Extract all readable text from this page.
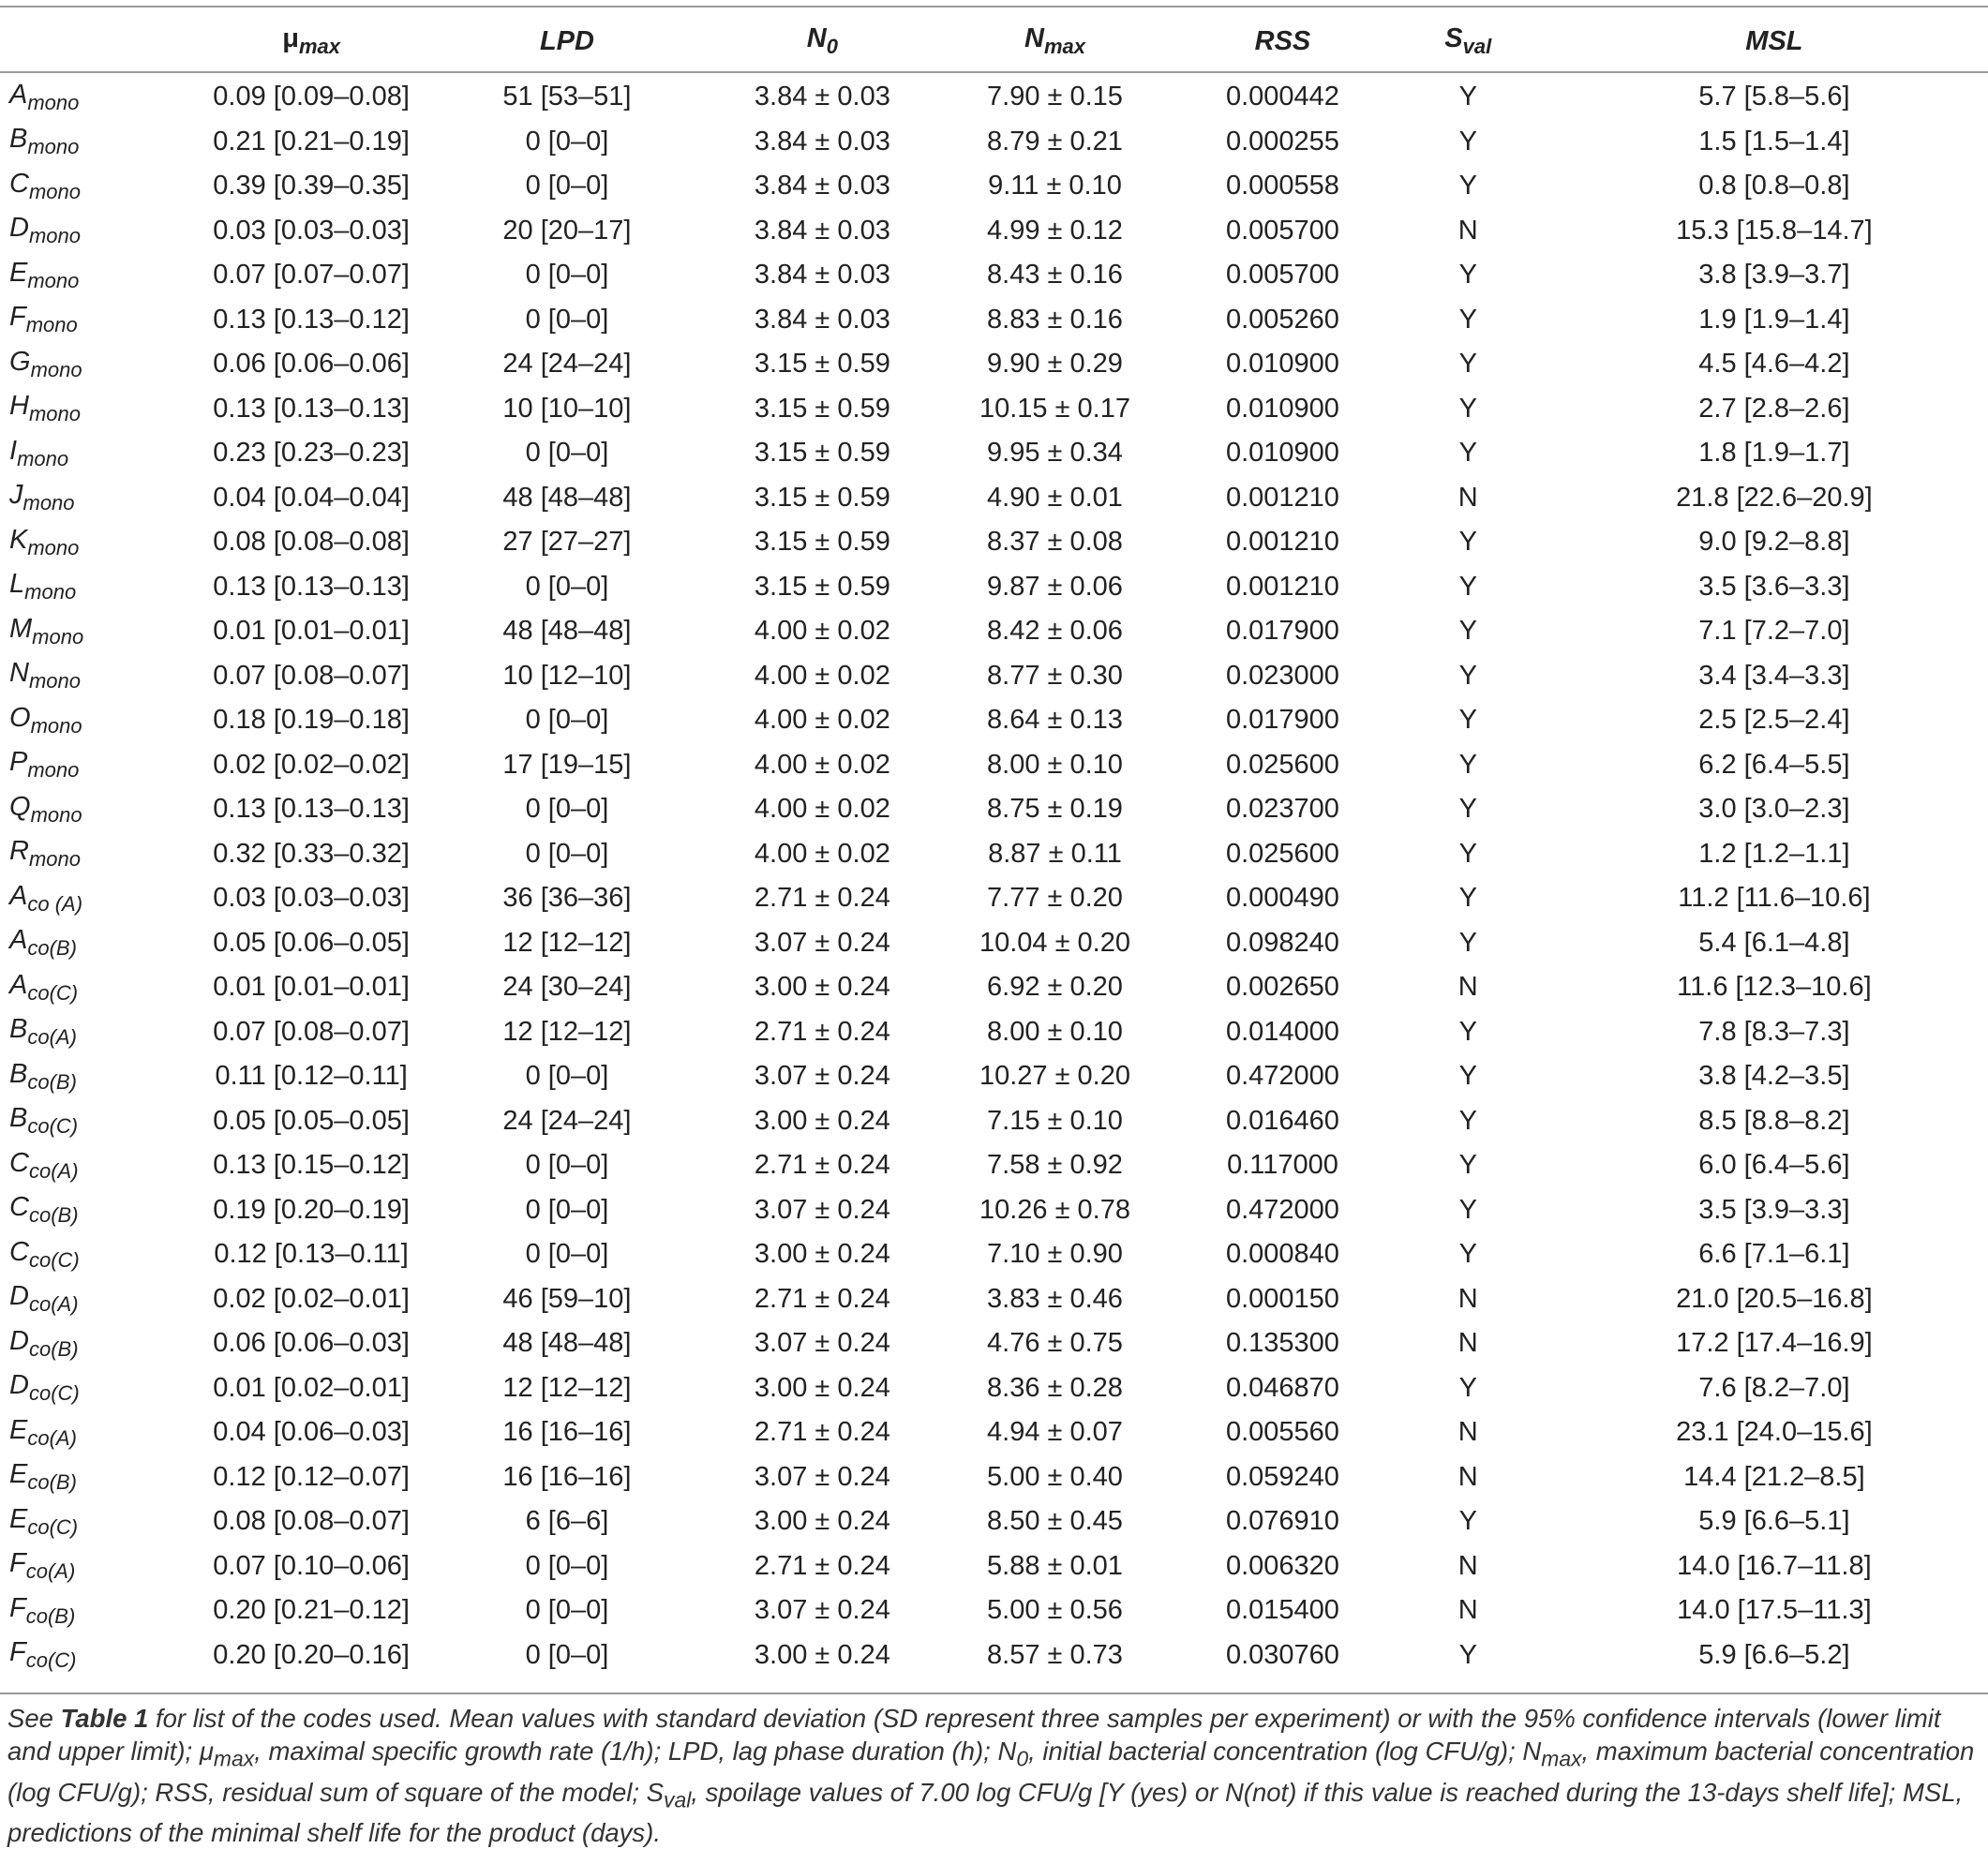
	$\mu_{max}$	LPD	$N_0$	$N_{max}$	RSS	$S_{val}$	MSL
$A_{mono}$	0.09 [0.09–0.08]	51 [53–51]	3.84 ± 0.03	7.90 ± 0.15	0.000442	Y	5.7 [5.8–5.6]
$B_{mono}$	0.21 [0.21–0.19]	0 [0–0]	3.84 ± 0.03	8.79 ± 0.21	0.000255	Y	1.5 [1.5–1.4]
$C_{mono}$	0.39 [0.39–0.35]	0 [0–0]	3.84 ± 0.03	9.11 ± 0.10	0.000558	Y	0.8 [0.8–0.8]
$D_{mono}$	0.03 [0.03–0.03]	20 [20–17]	3.84 ± 0.03	4.99 ± 0.12	0.005700	N	15.3 [15.8–14.7]
$E_{mono}$	0.07 [0.07–0.07]	0 [0–0]	3.84 ± 0.03	8.43 ± 0.16	0.005700	Y	3.8 [3.9–3.7]
$F_{mono}$	0.13 [0.13–0.12]	0 [0–0]	3.84 ± 0.03	8.83 ± 0.16	0.005260	Y	1.9 [1.9–1.4]
$G_{mono}$	0.06 [0.06–0.06]	24 [24–24]	3.15 ± 0.59	9.90 ± 0.29	0.010900	Y	4.5 [4.6–4.2]
$H_{mono}$	0.13 [0.13–0.13]	10 [10–10]	3.15 ± 0.59	10.15 ± 0.17	0.010900	Y	2.7 [2.8–2.6]
$I_{mono}$	0.23 [0.23–0.23]	0 [0–0]	3.15 ± 0.59	9.95 ± 0.34	0.010900	Y	1.8 [1.9–1.7]
$J_{mono}$	0.04 [0.04–0.04]	48 [48–48]	3.15 ± 0.59	4.90 ± 0.01	0.001210	N	21.8 [22.6–20.9]
$K_{mono}$	0.08 [0.08–0.08]	27 [27–27]	3.15 ± 0.59	8.37 ± 0.08	0.001210	Y	9.0 [9.2–8.8]
$L_{mono}$	0.13 [0.13–0.13]	0 [0–0]	3.15 ± 0.59	9.87 ± 0.06	0.001210	Y	3.5 [3.6–3.3]
$M_{mono}$	0.01 [0.01–0.01]	48 [48–48]	4.00 ± 0.02	8.42 ± 0.06	0.017900	Y	7.1 [7.2–7.0]
$N_{mono}$	0.07 [0.08–0.07]	10 [12–10]	4.00 ± 0.02	8.77 ± 0.30	0.023000	Y	3.4 [3.4–3.3]
$O_{mono}$	0.18 [0.19–0.18]	0 [0–0]	4.00 ± 0.02	8.64 ± 0.13	0.017900	Y	2.5 [2.5–2.4]
$P_{mono}$	0.02 [0.02–0.02]	17 [19–15]	4.00 ± 0.02	8.00 ± 0.10	0.025600	Y	6.2 [6.4–5.5]
$Q_{mono}$	0.13 [0.13–0.13]	0 [0–0]	4.00 ± 0.02	8.75 ± 0.19	0.023700	Y	3.0 [3.0–2.3]
$R_{mono}$	0.32 [0.33–0.32]	0 [0–0]	4.00 ± 0.02	8.87 ± 0.11	0.025600	Y	1.2 [1.2–1.1]
$A_{co (A)}$	0.03 [0.03–0.03]	36 [36–36]	2.71 ± 0.24	7.77 ± 0.20	0.000490	Y	11.2 [11.6–10.6]
$A_{co(B)}$	0.05 [0.06–0.05]	12 [12–12]	3.07 ± 0.24	10.04 ± 0.20	0.098240	Y	5.4 [6.1–4.8]
$A_{co(C)}$	0.01 [0.01–0.01]	24 [30–24]	3.00 ± 0.24	6.92 ± 0.20	0.002650	N	11.6 [12.3–10.6]
$B_{co(A)}$	0.07 [0.08–0.07]	12 [12–12]	2.71 ± 0.24	8.00 ± 0.10	0.014000	Y	7.8 [8.3–7.3]
$B_{co(B)}$	0.11 [0.12–0.11]	0 [0–0]	3.07 ± 0.24	10.27 ± 0.20	0.472000	Y	3.8 [4.2–3.5]
$B_{co(C)}$	0.05 [0.05–0.05]	24 [24–24]	3.00 ± 0.24	7.15 ± 0.10	0.016460	Y	8.5 [8.8–8.2]
$C_{co(A)}$	0.13 [0.15–0.12]	0 [0–0]	2.71 ± 0.24	7.58 ± 0.92	0.117000	Y	6.0 [6.4–5.6]
$C_{co(B)}$	0.19 [0.20–0.19]	0 [0–0]	3.07 ± 0.24	10.26 ± 0.78	0.472000	Y	3.5 [3.9–3.3]
$C_{co(C)}$	0.12 [0.13–0.11]	0 [0–0]	3.00 ± 0.24	7.10 ± 0.90	0.000840	Y	6.6 [7.1–6.1]
$D_{co(A)}$	0.02 [0.02–0.01]	46 [59–10]	2.71 ± 0.24	3.83 ± 0.46	0.000150	N	21.0 [20.5–16.8]
$D_{co(B)}$	0.06 [0.06–0.03]	48 [48–48]	3.07 ± 0.24	4.76 ± 0.75	0.135300	N	17.2 [17.4–16.9]
$D_{co(C)}$	0.01 [0.02–0.01]	12 [12–12]	3.00 ± 0.24	8.36 ± 0.28	0.046870	Y	7.6 [8.2–7.0]
$E_{co(A)}$	0.04 [0.06–0.03]	16 [16–16]	2.71 ± 0.24	4.94 ± 0.07	0.005560	N	23.1 [24.0–15.6]
$E_{co(B)}$	0.12 [0.12–0.07]	16 [16–16]	3.07 ± 0.24	5.00 ± 0.40	0.059240	N	14.4 [21.2–8.5]
$E_{co(C)}$	0.08 [0.08–0.07]	6 [6–6]	3.00 ± 0.24	8.50 ± 0.45	0.076910	Y	5.9 [6.6–5.1]
$F_{co(A)}$	0.07 [0.10–0.06]	0 [0–0]	2.71 ± 0.24	5.88 ± 0.01	0.006320	N	14.0 [16.7–11.8]
$F_{co(B)}$	0.20 [0.21–0.12]	0 [0–0]	3.07 ± 0.24	5.00 ± 0.56	0.015400	N	14.0 [17.5–11.3]
$F_{co(C)}$	0.20 [0.20–0.16]	0 [0–0]	3.00 ± 0.24	8.57 ± 0.73	0.030760	Y	5.9 [6.6–5.2]
See Table 1 for list of the codes used. Mean values with standard deviation (SD represent three samples per experiment) or with the 95% confidence intervals (lower limit and upper limit); $\mu_{max}$, maximal specific growth rate (1/h); LPD, lag phase duration (h); $N_0$, initial bacterial concentration (log CFU/g); $N_{max}$, maximum bacterial concentration (log CFU/g); RSS, residual sum of square of the model; $S_{val}$, spoilage values of 7.00 log CFU/g [Y (yes) or N(not) if this value is reached during the 13-days shelf life]; MSL, predictions of the minimal shelf life for the product (days).
